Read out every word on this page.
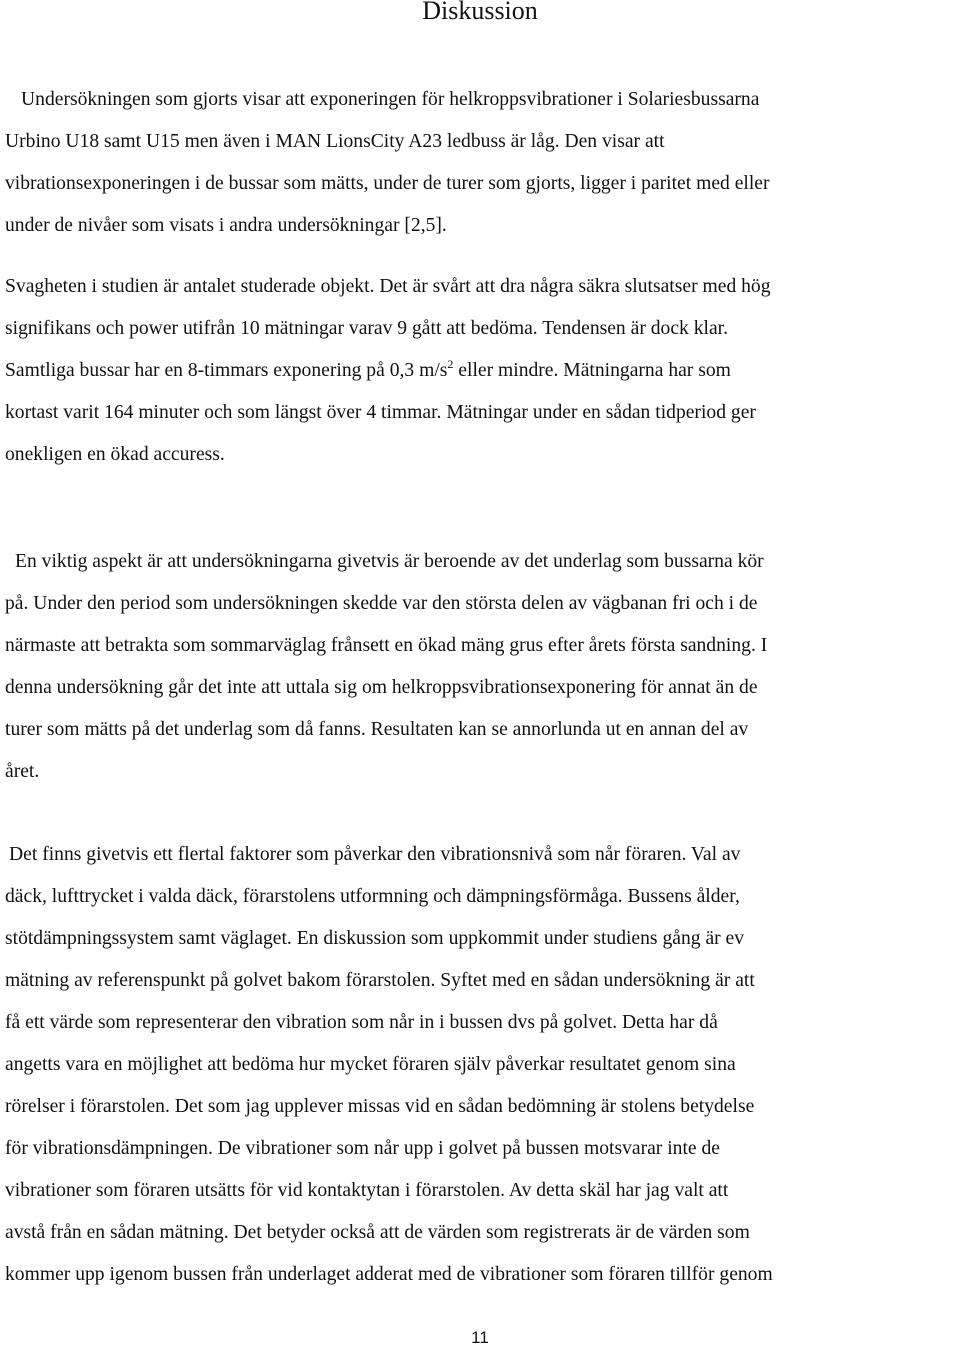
Diskussion

Undersökningen som gjorts visar att exponeringen för helkroppsvibrationer i Solariesbussarna
Urbino U18 samt U15 men även i MAN LionsCity A23 ledbuss är låg. Den visar att
vibrationsexponeringen i de bussar som mätts, under de turer som gjorts, ligger i paritet med eller
under de nivåer som visats i andra undersökningar [2,5].

Svagheten i studien är antalet studerade objekt. Det är svårt att dra några säkra slutsatser med hög
signifikans och power utifrån 10 mätningar varav 9 gått att bedöma. Tendensen är dock klar.
Samtliga bussar har en 8-timmars exponering på 0,3 $m/s^2$ eller mindre. Mätningarna har som
kortast varit 164 minuter och som längst över 4 timmar. Mätningar under en sådan tidperiod ger
onekligen en ökad accuress.

En viktig aspekt är att undersökningarna givetvis är beroende av det underlag som bussarna kör
på. Under den period som undersökningen skedde var den största delen av vägbanan fri och i de
närmaste att betrakta som sommarväglag frånsett en ökad mäng grus efter årets första sandning. I
denna undersökning går det inte att uttala sig om helkroppsvibrationsexponering för annat än de
turer som mätts på det underlag som då fanns. Resultaten kan se annorlunda ut en annan del av
året.

Det finns givetvis ett flertal faktorer som påverkar den vibrationsnivå som når föraren. Val av
däck, lufttrycket i valda däck, förarstolens utformning och dämpningsförmåga. Bussens ålder,
stötdämpningssystem samt väglaget. En diskussion som uppkommit under studiens gång är ev
mätning av referenspunkt på golvet bakom förarstolen. Syftet med en sådan undersökning är att
få ett värde som representerar den vibration som når in i bussen dvs på golvet. Detta har då
angetts vara en möjlighet att bedöma hur mycket föraren själv påverkar resultatet genom sina
rörelser i förarstolen. Det som jag upplever missas vid en sådan bedömning är stolens betydelse
för vibrationsdämpningen. De vibrationer som når upp i golvet på bussen motsvarar inte de
vibrationer som föraren utsätts för vid kontaktytan i förarstolen. Av detta skäl har jag valt att
avstå från en sådan mätning. Det betyder också att de värden som registrerats är de värden som
kommer upp igenom bussen från underlaget adderat med de vibrationer som föraren tillför genom

11
